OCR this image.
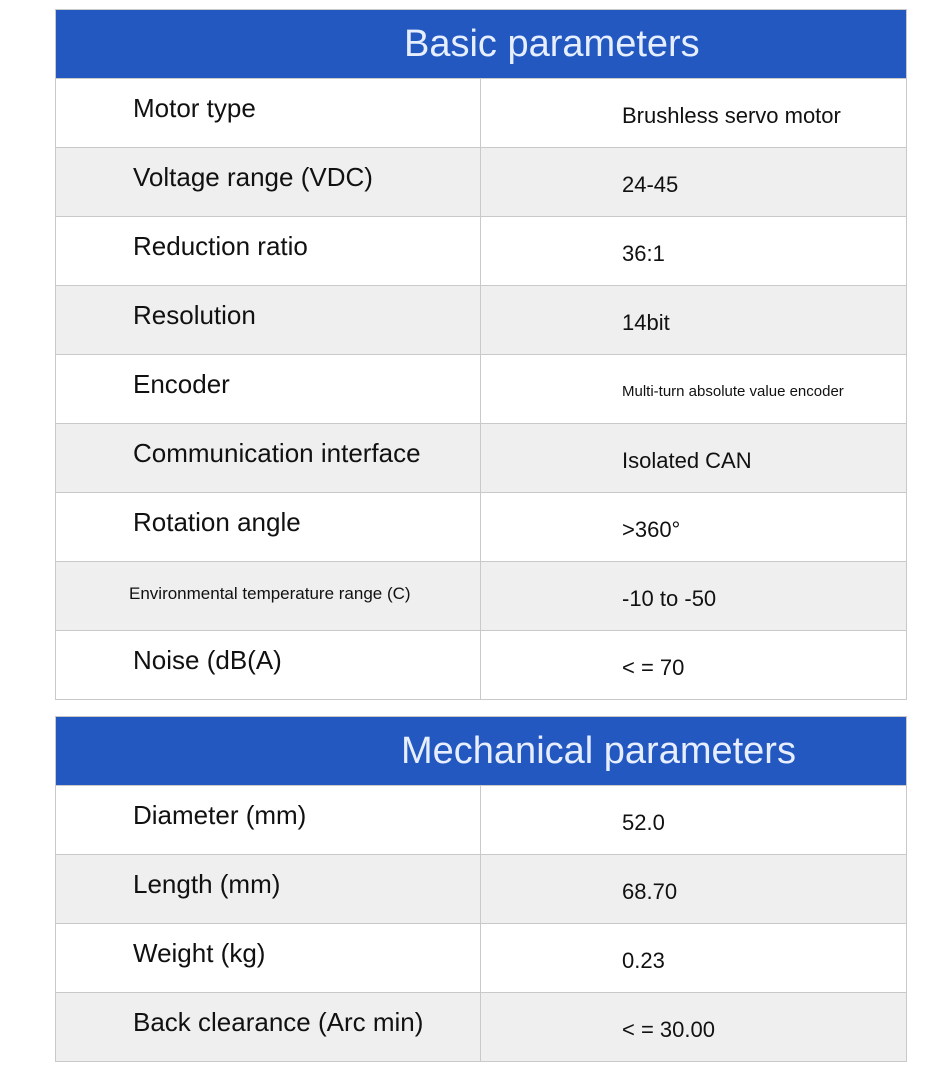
Basic parameters
Motor type	Brushless servo motor
Voltage range (VDC)	24-45
Reduction ratio	36:1
Resolution	14bit
Encoder	Multi-turn absolute value encoder
Communication interface	Isolated CAN
Rotation angle	>360°
Environmental temperature range (C)	-10 to -50
Noise (dB(A)	< = 70
Mechanical parameters
Diameter (mm)	52.0
Length (mm)	68.70
Weight (kg)	0.23
Back clearance (Arc min)	< = 30.00
